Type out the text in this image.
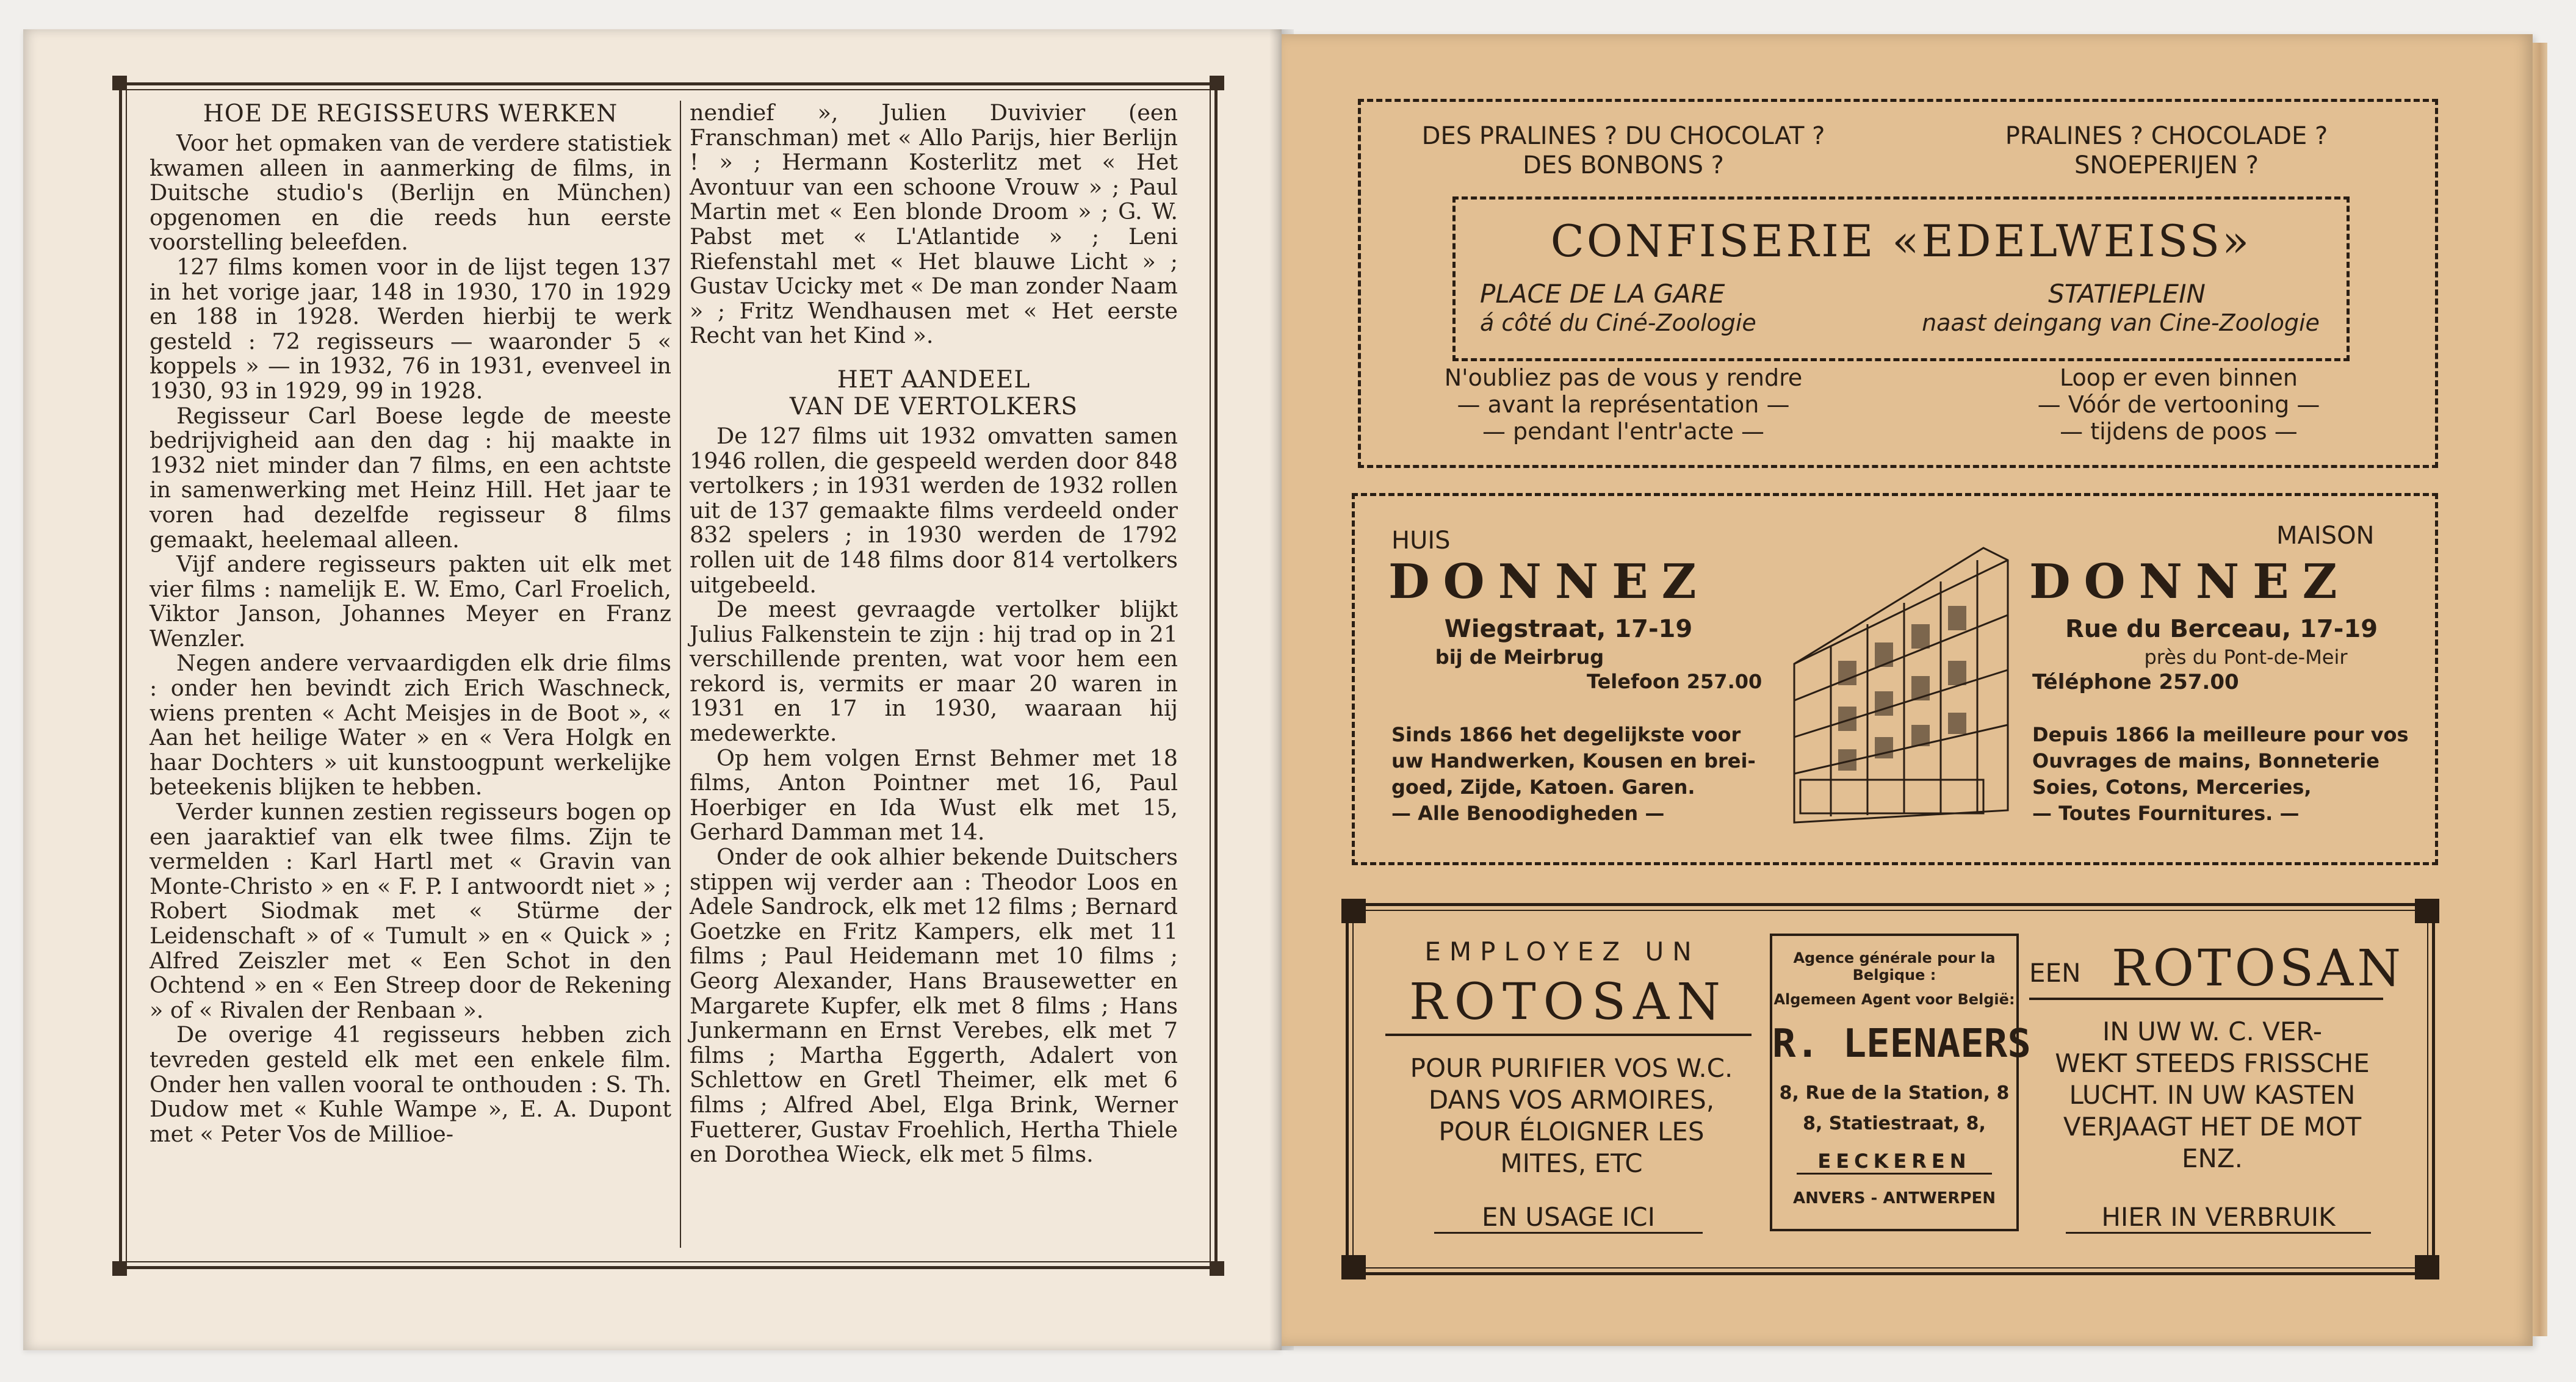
HOE DE REGISSEURS WERKEN

Voor het opmaken van de verdere statistiek kwamen alleen in aanmerking de films, in Duitsche studio's (Berlijn en München) opgenomen en die reeds hun eerste voorstelling beleefden.

127 films komen voor in de lijst tegen 137 in het vorige jaar, 148 in 1930, 170 in 1929 en 188 in 1928. Werden hierbij te werk gesteld : 72 regisseurs — waaronder 5 « koppels » — in 1932, 76 in 1931, evenveel in 1930, 93 in 1929, 99 in 1928.

Regisseur Carl Boese legde de meeste bedrijvigheid aan den dag : hij maakte in 1932 niet minder dan 7 films, en een achtste in samenwerking met Heinz Hill. Het jaar te voren had dezelfde regisseur 8 films gemaakt, heelemaal alleen.

Vijf andere regisseurs pakten uit elk met vier films : namelijk E. W. Emo, Carl Froelich, Viktor Janson, Johannes Meyer en Franz Wenzler.

Negen andere vervaardigden elk drie films : onder hen bevindt zich Erich Waschneck, wiens prenten « Acht Meisjes in de Boot », « Aan het heilige Water » en « Vera Holgk en haar Dochters » uit kunstoogpunt werkelijke beteekenis blijken te hebben.

Verder kunnen zestien regisseurs bogen op een jaaraktief van elk twee films. Zijn te vermelden : Karl Hartl met « Gravin van Monte-Christo » en « F. P. I antwoordt niet » ; Robert Siodmak met « Stürme der Leidenschaft » of « Tumult » en « Quick » ; Alfred Zeiszler met « Een Schot in den Ochtend » en « Een Streep door de Rekening » of « Rivalen der Renbaan ».

De overige 41 regisseurs hebben zich tevreden gesteld elk met een enkele film. Onder hen vallen vooral te onthouden : S. Th. Dudow met « Kuhle Wampe », E. A. Dupont met « Peter Vos de Millioe-

nendief », Julien Duvivier (een Franschman) met « Allo Parijs, hier Berlijn ! » ; Hermann Kosterlitz met « Het Avontuur van een schoone Vrouw » ; Paul Martin met « Een blonde Droom » ; G. W. Pabst met « L'Atlantide » ; Leni Riefenstahl met « Het blauwe Licht » ; Gustav Ucicky met « De man zonder Naam » ; Fritz Wendhausen met « Het eerste Recht van het Kind ».

HET AANDEEL
VAN DE VERTOLKERS

De 127 films uit 1932 omvatten samen 1946 rollen, die gespeeld werden door 848 vertolkers ; in 1931 werden de 1932 rollen uit de 137 gemaakte films verdeeld onder 832 spelers ; in 1930 werden de 1792 rollen uit de 148 films door 814 vertolkers uitgebeeld.

De meest gevraagde vertolker blijkt Julius Falkenstein te zijn : hij trad op in 21 verschillende prenten, wat voor hem een rekord is, vermits er maar 20 waren in 1931 en 17 in 1930, waaraan hij medewerkte.

Op hem volgen Ernst Behmer met 18 films, Anton Pointner met 16, Paul Hoerbiger en Ida Wust elk met 15, Gerhard Damman met 14.

Onder de ook alhier bekende Duitschers stippen wij verder aan : Theodor Loos en Adele Sandrock, elk met 12 films ; Bernard Goetzke en Fritz Kampers, elk met 11 films ; Paul Heidemann met 10 films ; Georg Alexander, Hans Brausewetter en Margarete Kupfer, elk met 8 films ; Hans Junkermann en Ernst Verebes, elk met 7 films ; Martha Eggerth, Adalert von Schlettow en Gretl Theimer, elk met 6 films ; Alfred Abel, Elga Brink, Werner Fuetterer, Gustav Froehlich, Hertha Thiele en Dorothea Wieck, elk met 5 films.

DES PRALINES ? DU CHOCOLAT ?
DES BONBONS ?
PRALINES ? CHOCOLADE ?
SNOEPERIJEN ?
CONFISERIE «EDELWEISS»
PLACE DE LA GARE
á côté du Ciné-Zoologie
STATIEPLEIN
naast deingang van Cine-Zoologie
N'oubliez pas de vous y rendre
— avant la représentation —
— pendant l'entr'acte —
Loop er even binnen
— Vóór de vertooning —
— tijdens de poos —
HUIS	MAISON
DONNEZ	DONNEZ
Wiegstraat, 17-19
bij de Meirbrug
Telefoon 257.00
Rue du Berceau, 17-19
près du Pont-de-Meir
Téléphone 257.00
Sinds 1866 het degelijkste voor
uw Handwerken, Kousen en brei-
goed, Zijde, Katoen. Garen.
— Alle Benoodigheden —
Depuis 1866 la meilleure pour vos
Ouvrages de mains, Bonneterie
Soies, Cotons, Merceries,
— Toutes Fournitures. —
EMPLOYEZ UN
ROTOSAN
POUR PURIFIER VOS W.C.
DANS VOS ARMOIRES,
POUR ÉLOIGNER LES
MITES, ETC
EN USAGE ICI
Agence générale pour la Belgique :
Algemeen Agent voor België:
R. LEENAERS
8, Rue de la Station, 8
8, Statiestraat, 8,
EECKEREN
ANVERS - ANTWERPEN
EEN ROTOSAN
IN UW W. C. VER-
WEKT STEEDS FRISSCHE
LUCHT. IN UW KASTEN
VERJAAGT HET DE MOT
ENZ.
HIER IN VERBRUIK
